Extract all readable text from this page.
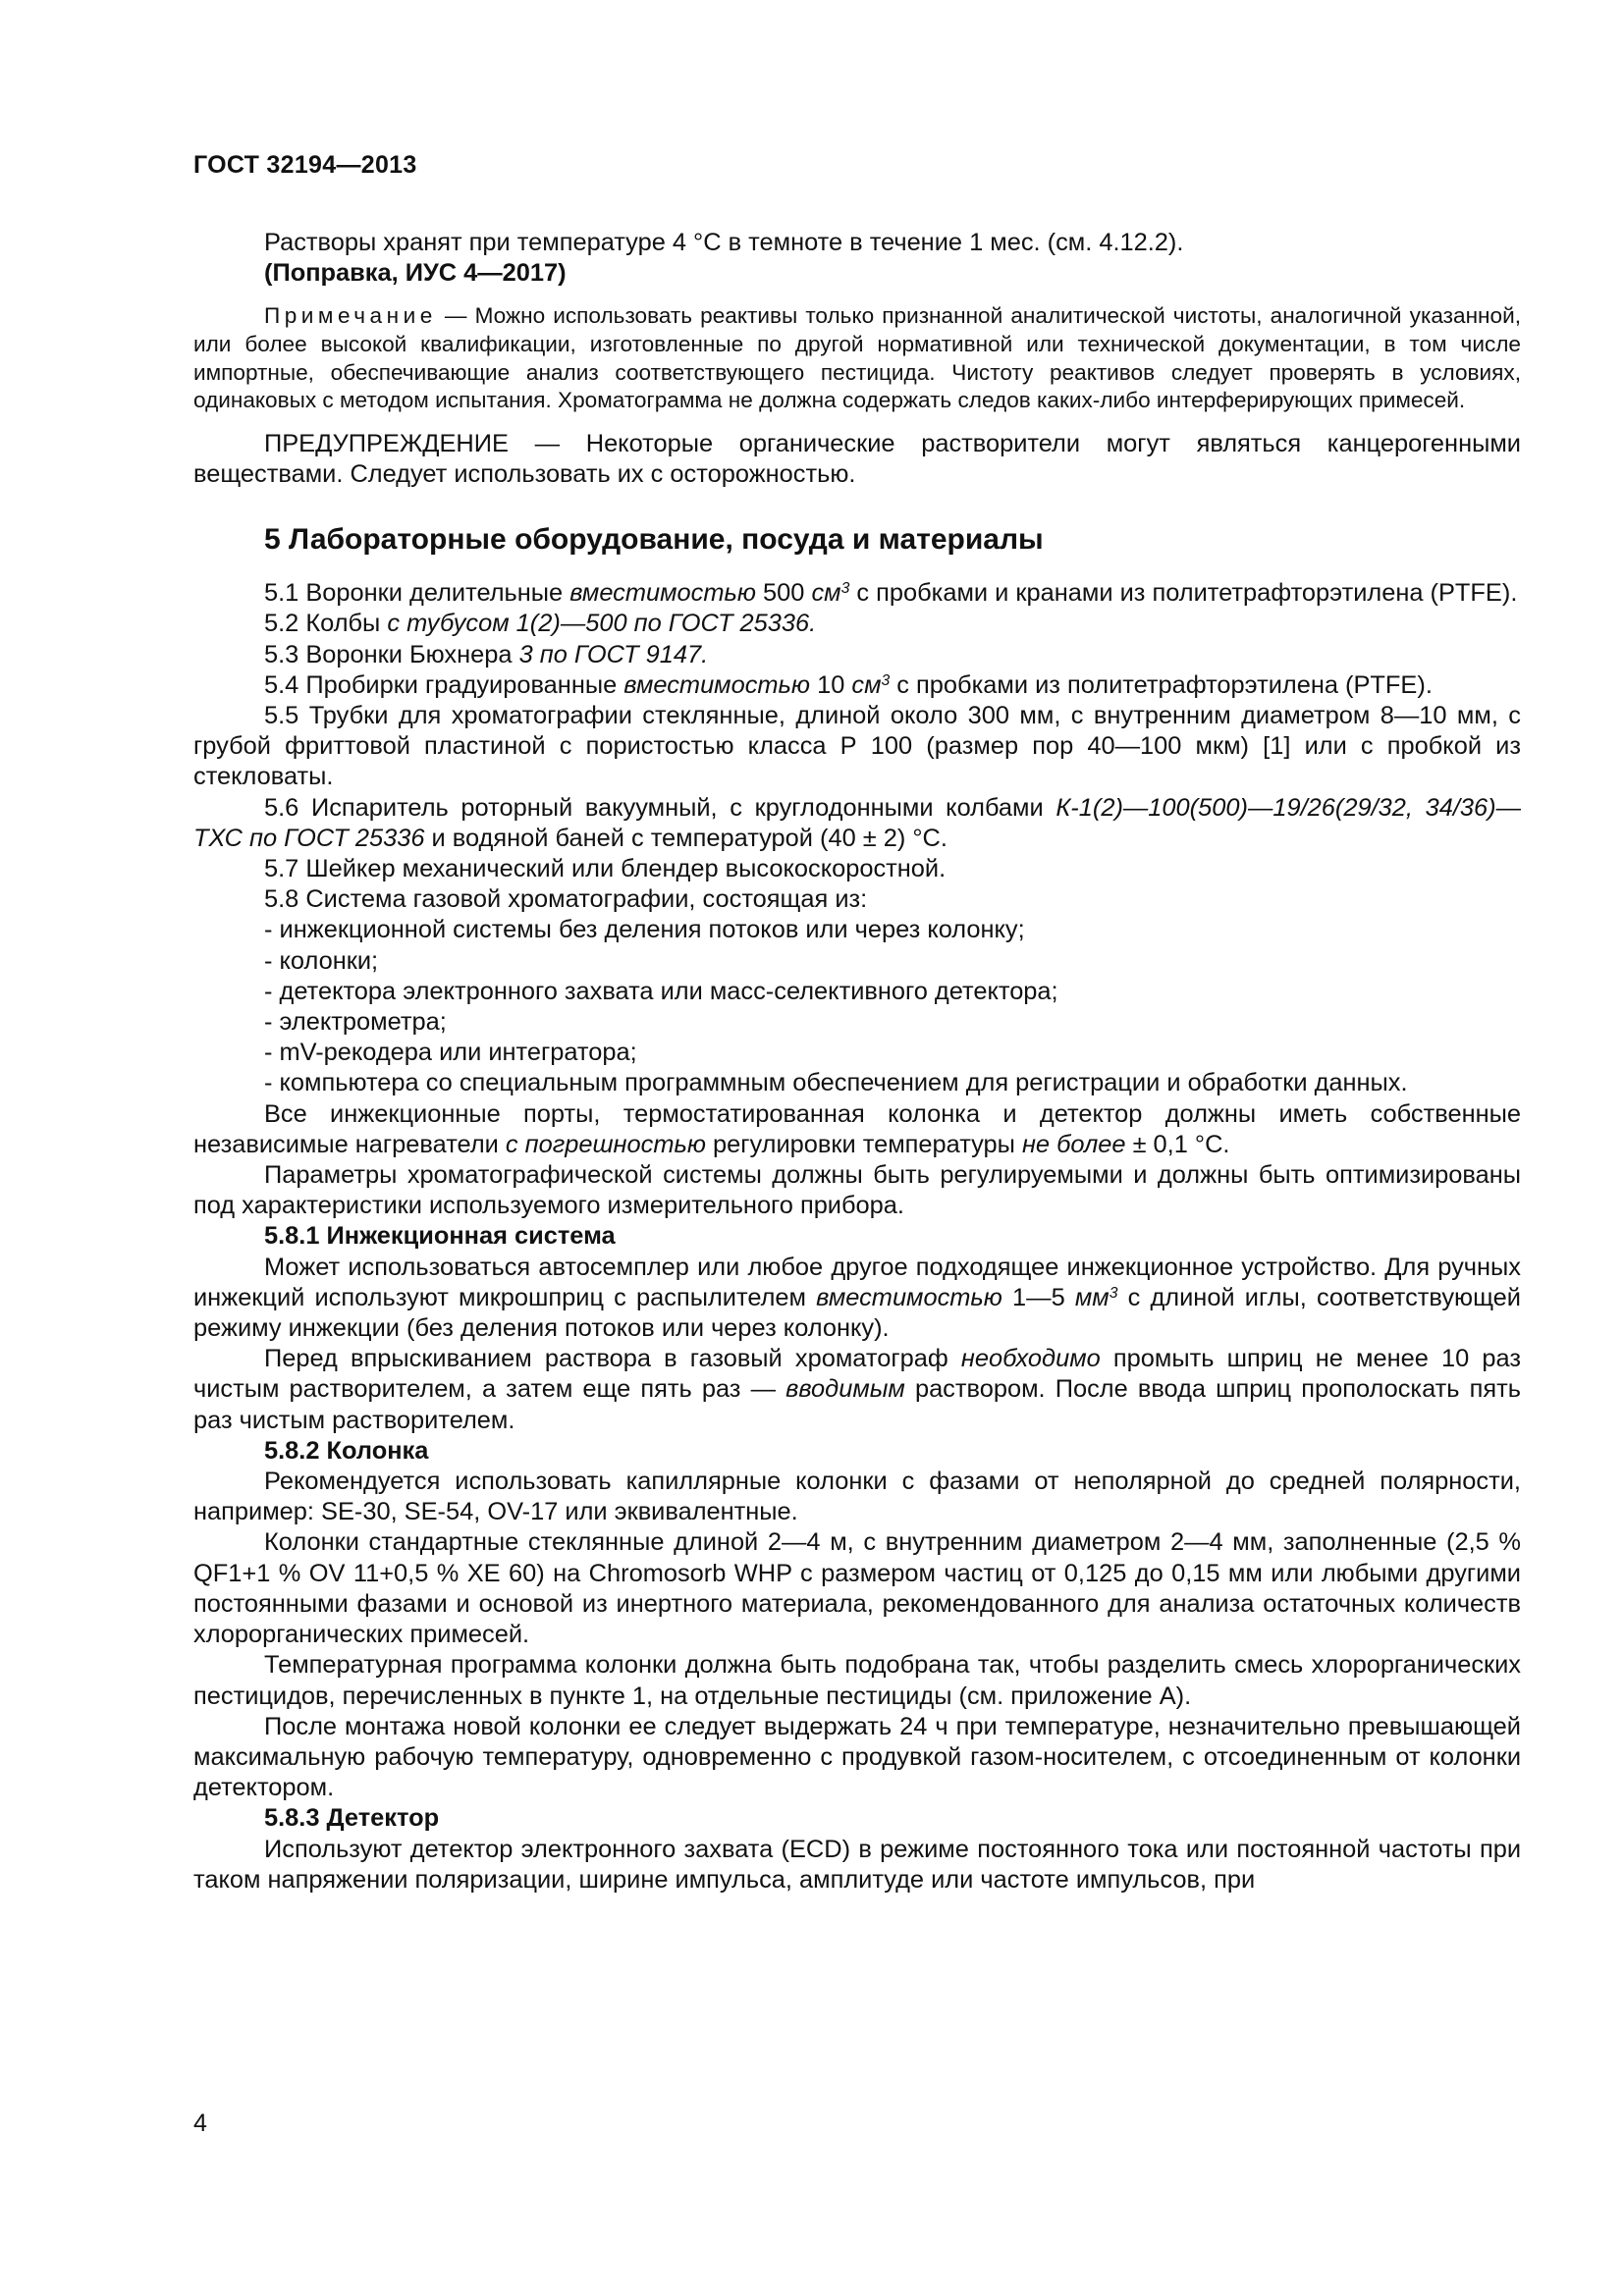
ГОСТ 32194—2013

Растворы хранят при температуре 4 °С в темноте в течение 1 мес. (см. 4.12.2).

(Поправка, ИУС 4—2017)

Примечание — Можно использовать реактивы только признанной аналитической чистоты, аналогичной указанной, или более высокой квалификации, изготовленные по другой нормативной или технической документации, в том числе импортные, обеспечивающие анализ соответствующего пестицида. Чистоту реактивов следует проверять в условиях, одинаковых с методом испытания. Хроматограмма не должна содержать следов каких-либо интерферирующих примесей.

ПРЕДУПРЕЖДЕНИЕ — Некоторые органические растворители могут являться канцерогенными веществами. Следует использовать их с осторожностью.

5 Лабораторные оборудование, посуда и материалы

5.1 Воронки делительные вместимостью 500 $см^3$ с пробками и кранами из политетрафторэтилена (PTFE).

5.2 Колбы с тубусом 1(2)—500 по ГОСТ 25336.

5.3 Воронки Бюхнера 3 по ГОСТ 9147.

5.4 Пробирки градуированные вместимостью 10 $см^3$ с пробками из политетрафторэтилена (PTFE).

5.5 Трубки для хроматографии стеклянные, длиной около 300 мм, с внутренним диаметром 8—10 мм, с грубой фриттовой пластиной с пористостью класса Р 100 (размер пор 40—100 мкм) [1] или с пробкой из стекловаты.

5.6 Испаритель роторный вакуумный, с круглодонными колбами К-1(2)—100(500)—19/26(29/32, 34/36)—ТХС по ГОСТ 25336 и водяной баней с температурой (40 ± 2) °С.

5.7 Шейкер механический или блендер высокоскоростной.

5.8 Система газовой хроматографии, состоящая из:

- инжекционной системы без деления потоков или через колонку;

- колонки;

- детектора электронного захвата или масс-селективного детектора;

- электрометра;

- mV-рекодера или интегратора;

- компьютера со специальным программным обеспечением для регистрации и обработки данных.

Все инжекционные порты, термостатированная колонка и детектор должны иметь собственные независимые нагреватели с погрешностью регулировки температуры не более ± 0,1 °С.

Параметры хроматографической системы должны быть регулируемыми и должны быть оптимизированы под характеристики используемого измерительного прибора.

5.8.1 Инжекционная система

Может использоваться автосемплер или любое другое подходящее инжекционное устройство. Для ручных инжекций используют микрошприц с распылителем вместимостью 1—5 $мм^3$ с длиной иглы, соответствующей режиму инжекции (без деления потоков или через колонку).

Перед впрыскиванием раствора в газовый хроматограф необходимо промыть шприц не менее 10 раз чистым растворителем, а затем еще пять раз — вводимым раствором. После ввода шприц прополоскать пять раз чистым растворителем.

5.8.2 Колонка

Рекомендуется использовать капиллярные колонки с фазами от неполярной до средней полярности, например: SE-30, SE-54, OV-17 или эквивалентные.

Колонки стандартные стеклянные длиной 2—4 м, с внутренним диаметром 2—4 мм, заполненные (2,5 % QF1+1 % OV 11+0,5 % ХЕ 60) на Chromosorb WHP с размером частиц от 0,125 до 0,15 мм или любыми другими постоянными фазами и основой из инертного материала, рекомендованного для анализа остаточных количеств хлорорганических примесей.

Температурная программа колонки должна быть подобрана так, чтобы разделить смесь хлорорганических пестицидов, перечисленных в пункте 1, на отдельные пестициды (см. приложение А).

После монтажа новой колонки ее следует выдержать 24 ч при температуре, незначительно превышающей максимальную рабочую температуру, одновременно с продувкой газом-носителем, с отсоединенным от колонки детектором.

5.8.3 Детектор

Используют детектор электронного захвата (ECD) в режиме постоянного тока или постоянной частоты при таком напряжении поляризации, ширине импульса, амплитуде или частоте импульсов, при

4
